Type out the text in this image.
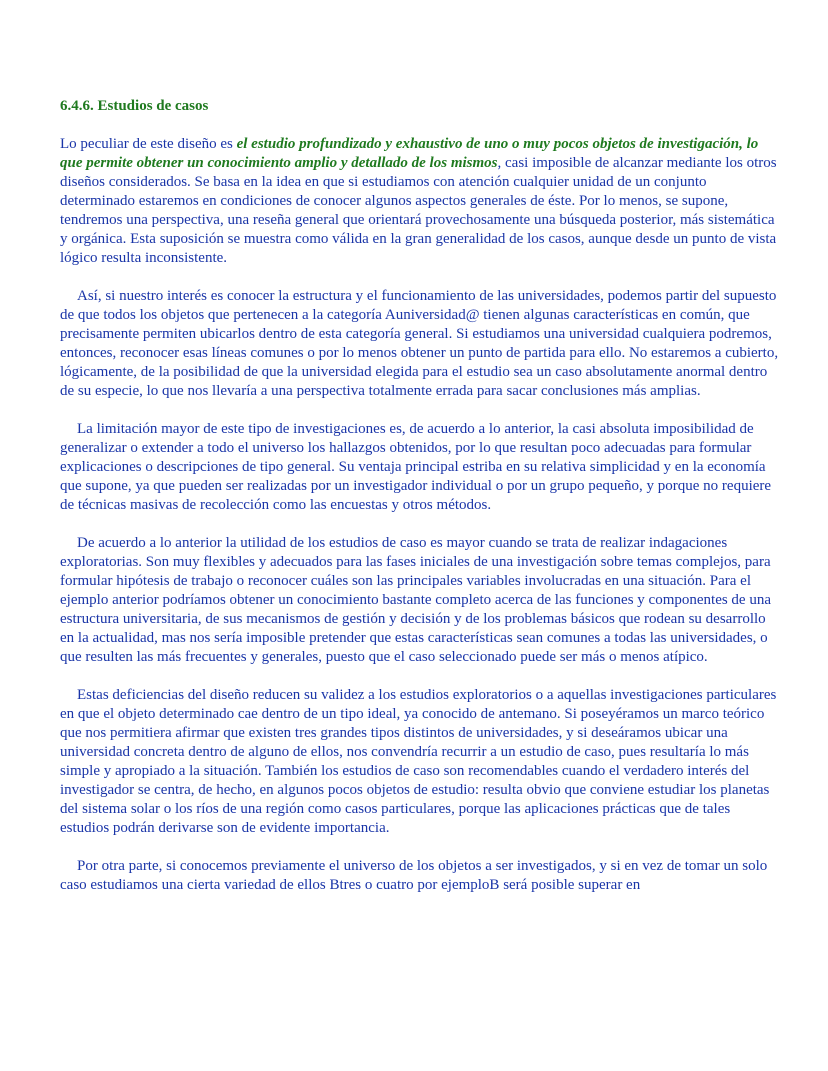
6.4.6. Estudios de casos

Lo peculiar de este diseño es el estudio profundizado y exhaustivo de uno o muy pocos objetos de investigación, lo que permite obtener un conocimiento amplio y detallado de los mismos, casi imposible de alcanzar mediante los otros diseños considerados. Se basa en la idea en que si estudiamos con atención cualquier unidad de un conjunto determinado estaremos en condiciones de conocer algunos aspectos generales de éste. Por lo menos, se supone, tendremos una perspectiva, una reseña general que orientará provechosamente una búsqueda posterior, más sistemática y orgánica. Esta suposición se muestra como válida en la gran generalidad de los casos, aunque desde un punto de vista lógico resulta inconsistente.

Así, si nuestro interés es conocer la estructura y el funcionamiento de las universidades, podemos partir del supuesto de que todos los objetos que pertenecen a la categoría Auniversidad@ tienen algunas características en común, que precisamente permiten ubicarlos dentro de esta categoría general. Si estudiamos una universidad cualquiera podremos, entonces, reconocer esas líneas comunes o por lo menos obtener un punto de partida para ello. No estaremos a cubierto, lógicamente, de la posibilidad de que la universidad elegida para el estudio sea un caso absolutamente anormal dentro de su especie, lo que nos llevaría a una perspectiva totalmente errada para sacar conclusiones más amplias.

La limitación mayor de este tipo de investigaciones es, de acuerdo a lo anterior, la casi absoluta imposibilidad de generalizar o extender a todo el universo los hallazgos obtenidos, por lo que resultan poco adecuadas para formular explicaciones o descripciones de tipo general. Su ventaja principal estriba en su relativa simplicidad y en la economía que supone, ya que pueden ser realizadas por un investigador individual o por un grupo pequeño, y porque no requiere de técnicas masivas de recolección como las encuestas y otros métodos.

De acuerdo a lo anterior la utilidad de los estudios de caso es mayor cuando se trata de realizar indagaciones exploratorias. Son muy flexibles y adecuados para las fases iniciales de una investigación sobre temas complejos, para formular hipótesis de trabajo o reconocer cuáles son las principales variables involucradas en una situación. Para el ejemplo anterior podríamos obtener un conocimiento bastante completo acerca de las funciones y componentes de una estructura universitaria, de sus mecanismos de gestión y decisión y de los problemas básicos que rodean su desarrollo en la actualidad, mas nos sería imposible pretender que estas características sean comunes a todas las universidades, o que resulten las más frecuentes y generales, puesto que el caso seleccionado puede ser más o menos atípico.

Estas deficiencias del diseño reducen su validez a los estudios exploratorios o a aquellas investigaciones particulares en que el objeto determinado cae dentro de un tipo ideal, ya conocido de antemano. Si poseyéramos un marco teórico que nos permitiera afirmar que existen tres grandes tipos distintos de universidades, y si deseáramos ubicar una universidad concreta dentro de alguno de ellos, nos convendría recurrir a un estudio de caso, pues resultaría lo más simple y apropiado a la situación. También los estudios de caso son recomendables cuando el verdadero interés del investigador se centra, de hecho, en algunos pocos objetos de estudio: resulta obvio que conviene estudiar los planetas del sistema solar o los ríos de una región como casos particulares, porque las aplicaciones prácticas que de tales estudios podrán derivarse son de evidente importancia.

Por otra parte, si conocemos previamente el universo de los objetos a ser investigados, y si en vez de tomar un solo caso estudiamos una cierta variedad de ellos Btres o cuatro por ejemploB será posible superar en
